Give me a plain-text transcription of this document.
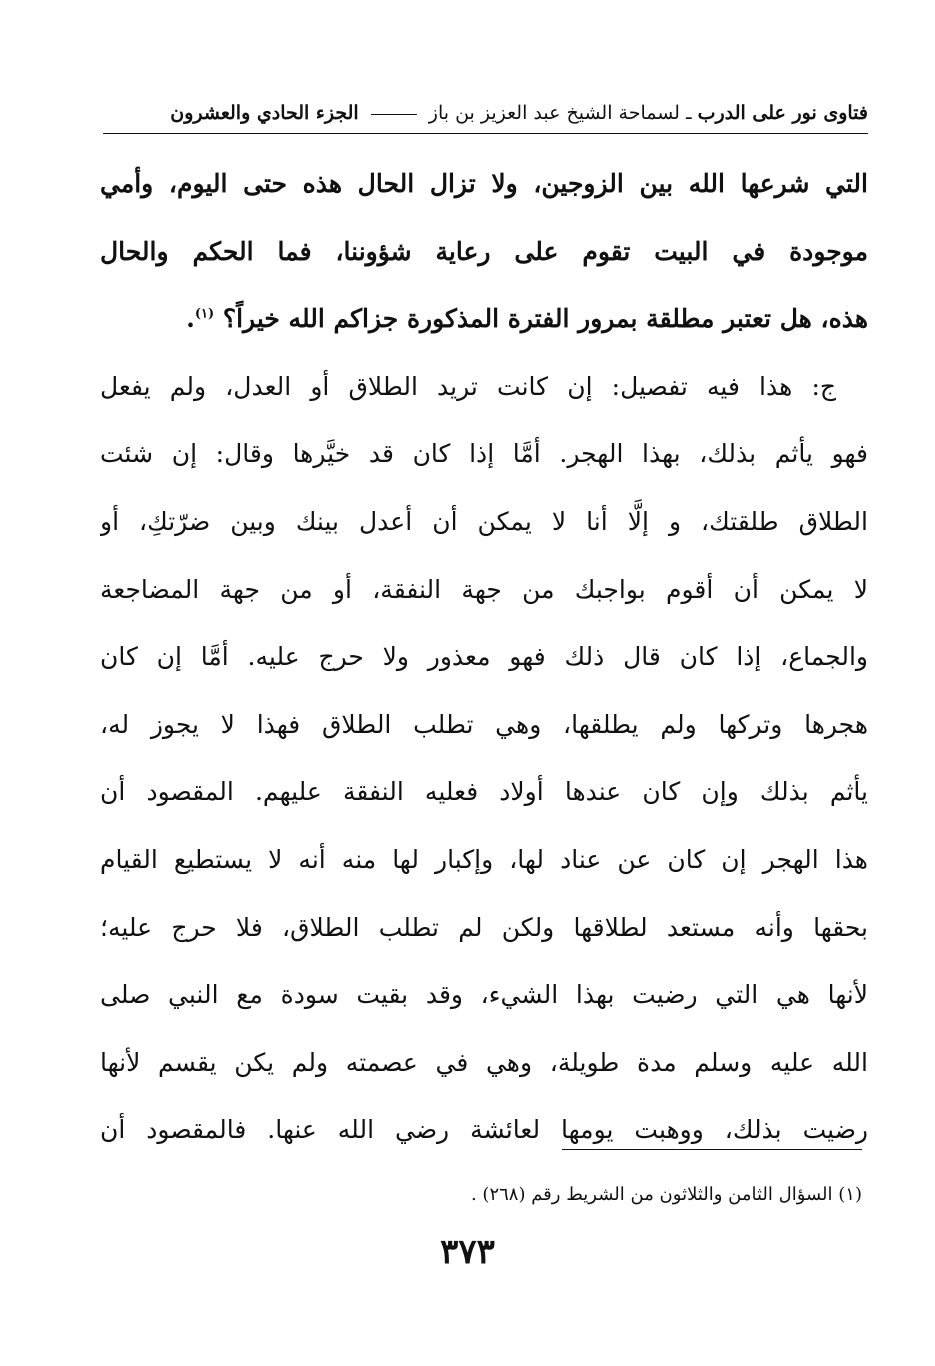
فتاوى نور على الدرب ـ لسماحة الشيخ عبد العزيز بن باز  الجزء الحادي والعشرون
التي شرعها الله بين الزوجين، ولا تزال الحال هذه حتى اليوم، وأمي
موجودة في البيت تقوم على رعاية شؤوننا، فما الحكم والحال
هذه، هل تعتبر مطلقة بمرور الفترة المذكورة جزاكم الله خيراً؟ $^{(١)}$.
ج: هذا فيه تفصيل: إن كانت تريد الطلاق أو العدل، ولم يفعل
فهو يأثم بذلك، بهذا الهجر. أمَّا إذا كان قد خيَّرها وقال: إن شئت
الطلاق طلقتك، و إلَّا أنا لا يمكن أن أعدل بينك وبين ضرّتكِ، أو
لا يمكن أن أقوم بواجبك من جهة النفقة، أو من جهة المضاجعة
والجماع، إذا كان قال ذلك فهو معذور ولا حرج عليه. أمَّا إن كان
هجرها وتركها ولم يطلقها، وهي تطلب الطلاق فهذا لا يجوز له،
يأثم بذلك وإن كان عندها أولاد فعليه النفقة عليهم. المقصود أن
هذا الهجر إن كان عن عناد لها، وإكبار لها منه أنه لا يستطيع القيام
بحقها وأنه مستعد لطلاقها ولكن لم تطلب الطلاق، فلا حرج عليه؛
لأنها هي التي رضيت بهذا الشيء، وقد بقيت سودة مع النبي صلى
الله عليه وسلم مدة طويلة، وهي في عصمته ولم يكن يقسم لأنها
رضيت بذلك، ووهبت يومها لعائشة رضي الله عنها. فالمقصود أن
(١) السؤال الثامن والثلاثون من الشريط رقم (٢٦٨) .
٣٧٣
